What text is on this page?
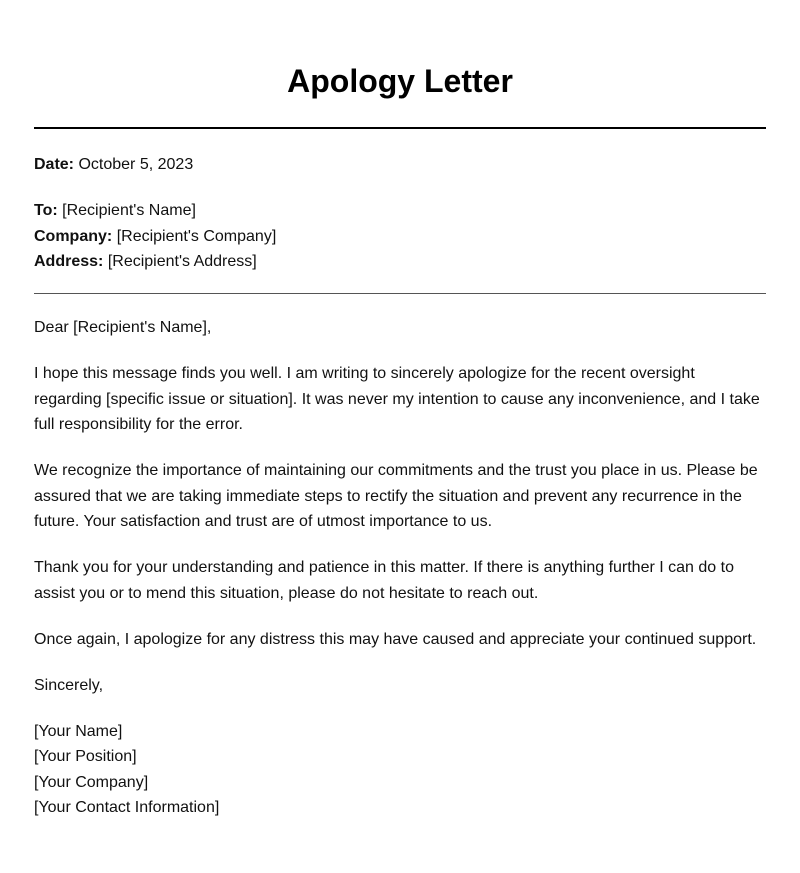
Apology Letter
Date: October 5, 2023
To: [Recipient's Name]
Company: [Recipient's Company]
Address: [Recipient's Address]

Dear [Recipient's Name],

I hope this message finds you well. I am writing to sincerely apologize for the recent oversight regarding [specific issue or situation]. It was never my intention to cause any inconvenience, and I take full responsibility for the error.

We recognize the importance of maintaining our commitments and the trust you place in us. Please be assured that we are taking immediate steps to rectify the situation and prevent any recurrence in the future. Your satisfaction and trust are of utmost importance to us.

Thank you for your understanding and patience in this matter. If there is anything further I can do to assist you or to mend this situation, please do not hesitate to reach out.

Once again, I apologize for any distress this may have caused and appreciate your continued support.

Sincerely,

[Your Name]
[Your Position]
[Your Company]
[Your Contact Information]
